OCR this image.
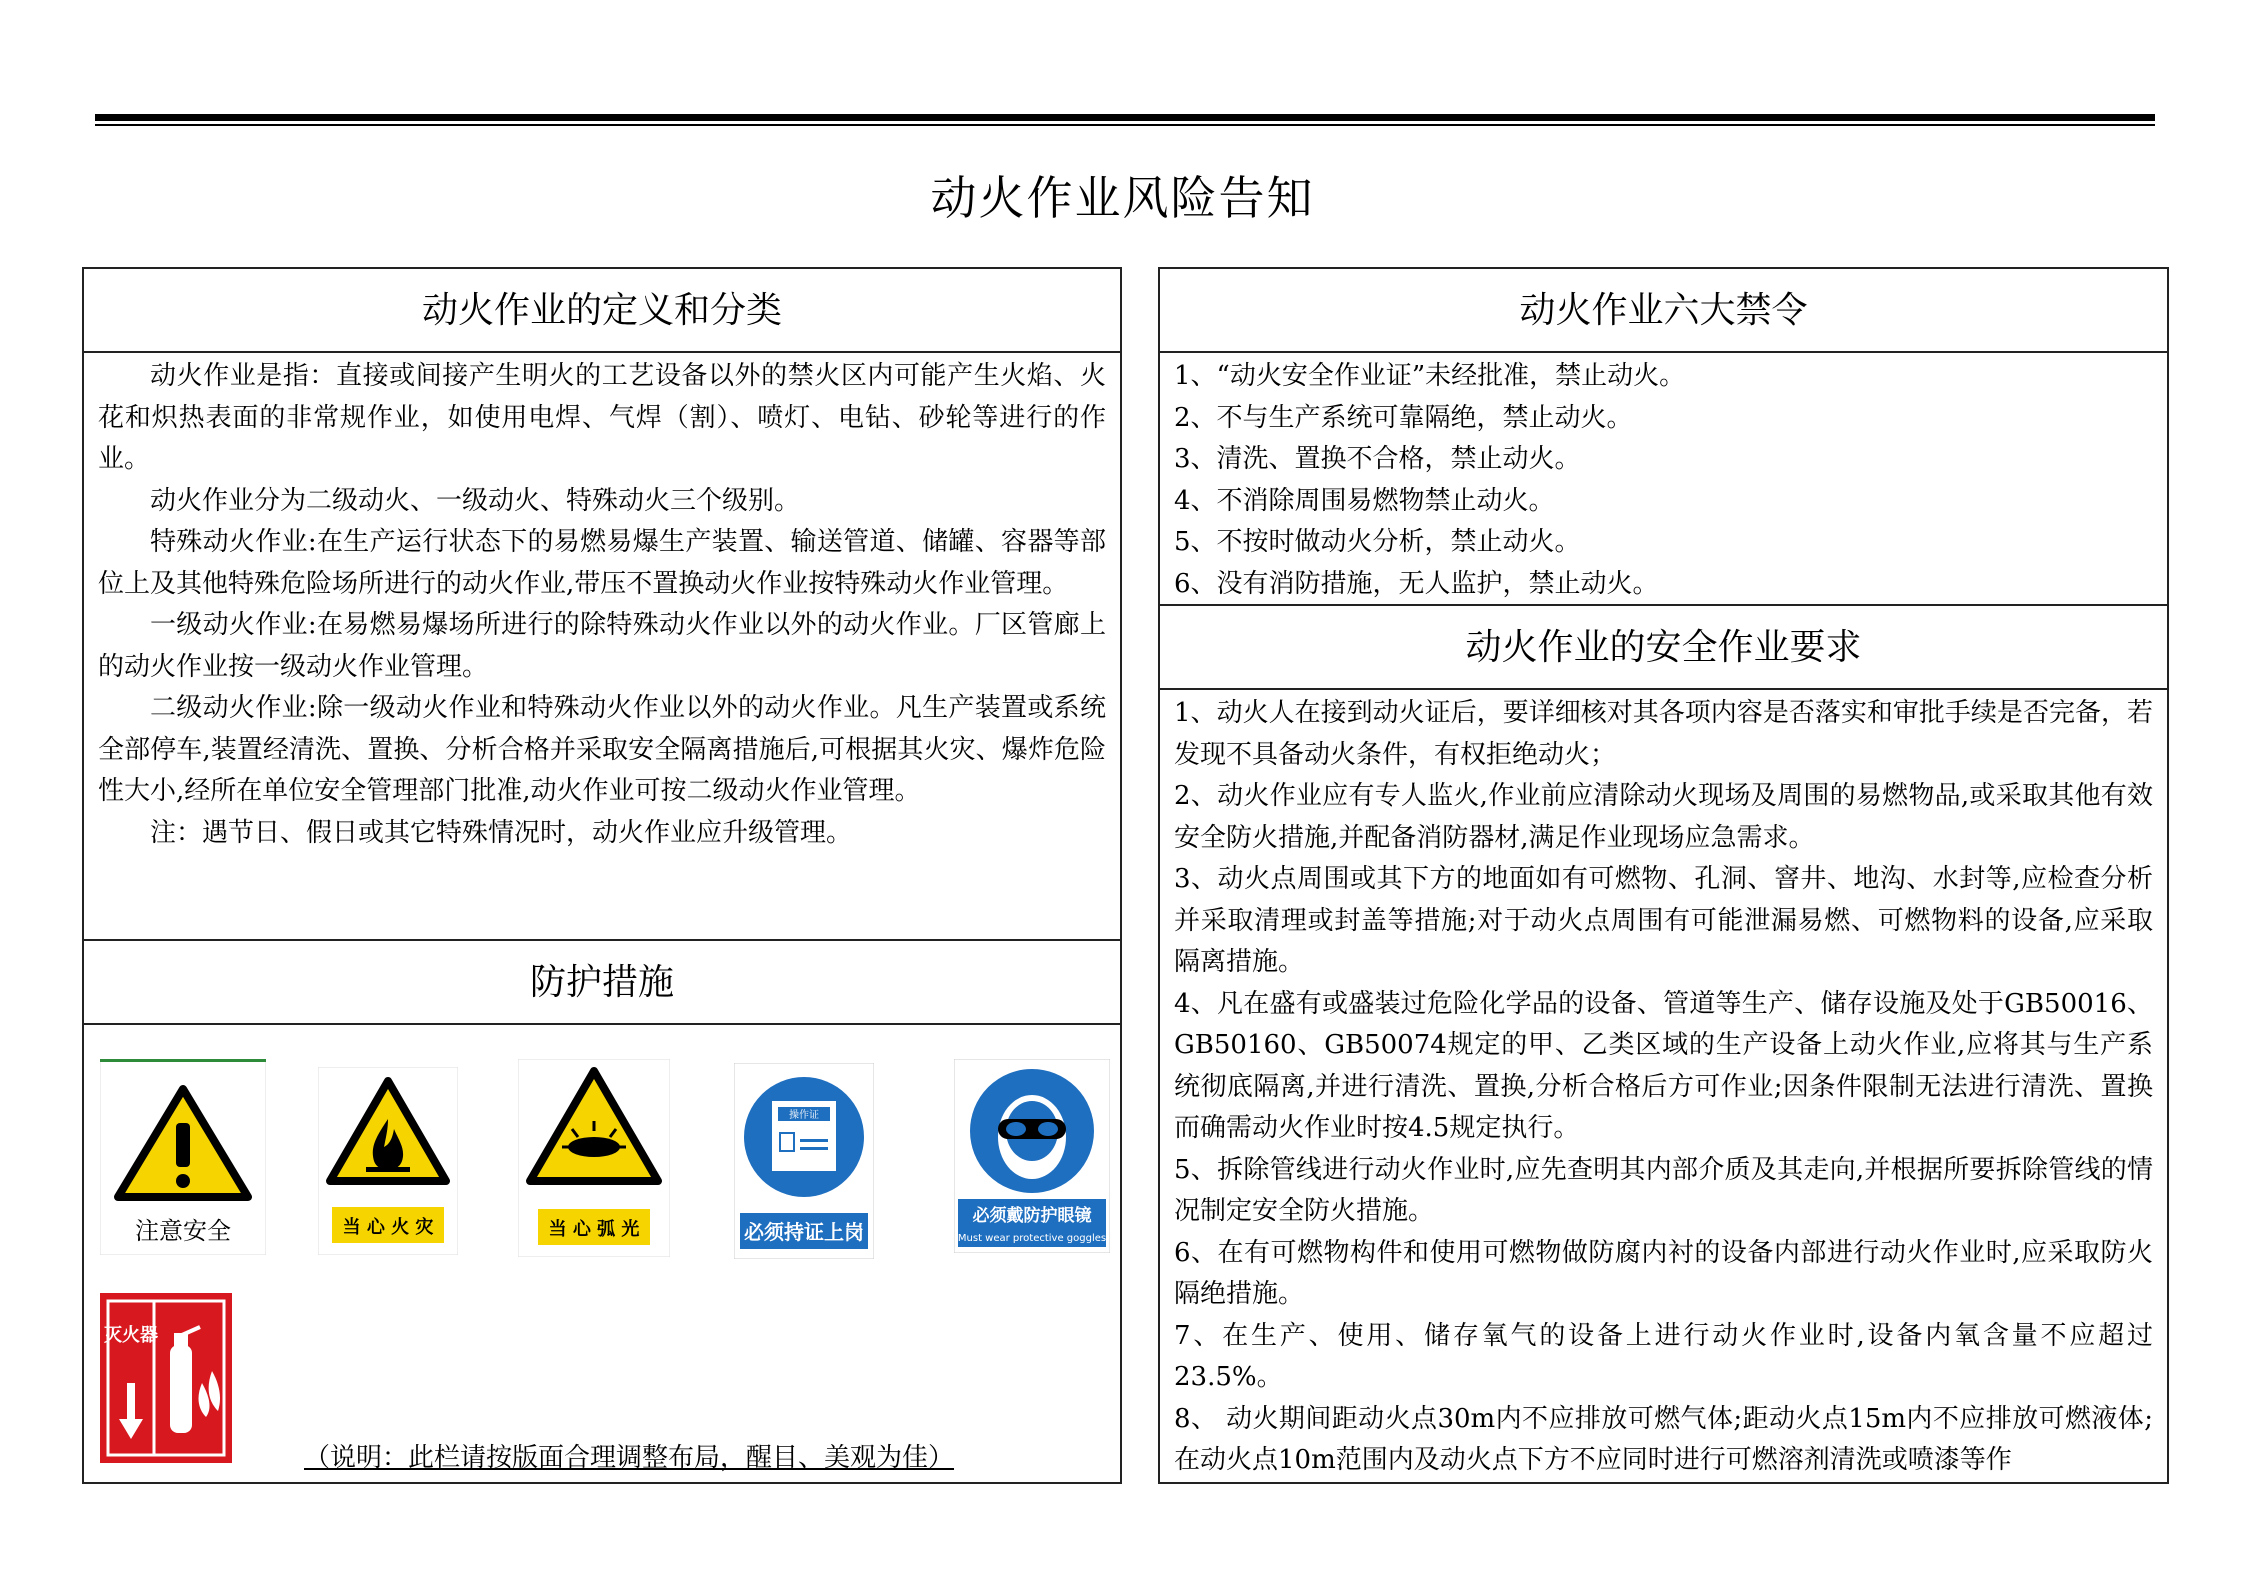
动火作业风险告知
动火作业的定义和分类

动火作业是指：直接或间接产生明火的工艺设备以外的禁火区内可能产生火焰、火花和炽热表面的非常规作业，如使用电焊、气焊（割）、喷灯、电钻、砂轮等进行的作业。

动火作业分为二级动火、一级动火、特殊动火三个级别。

特殊动火作业:在生产运行状态下的易燃易爆生产装置、输送管道、储罐、容器等部位上及其他特殊危险场所进行的动火作业,带压不置换动火作业按特殊动火作业管理。

一级动火作业:在易燃易爆场所进行的除特殊动火作业以外的动火作业。厂区管廊上的动火作业按一级动火作业管理。

二级动火作业:除一级动火作业和特殊动火作业以外的动火作业。凡生产装置或系统全部停车,装置经清洗、置换、分析合格并采取安全隔离措施后,可根据其火灾、爆炸危险性大小,经所在单位安全管理部门批准,动火作业可按二级动火作业管理。

注：遇节日、假日或其它特殊情况时，动火作业应升级管理。

防护措施
注意安全	当 心 火 灾	当 心 弧 光
操作证
必须持证上岗
必须戴防护眼镜
Must wear protective goggles
灭火器
（说明：此栏请按版面合理调整布局，醒目、美观为佳）
动火作业六大禁令

1、“动火安全作业证”未经批准，禁止动火。

2、不与生产系统可靠隔绝，禁止动火。

3、清洗、置换不合格，禁止动火。

4、不消除周围易燃物禁止动火。

5、不按时做动火分析，禁止动火。

6、没有消防措施，无人监护，禁止动火。

动火作业的安全作业要求

1、动火人在接到动火证后，要详细核对其各项内容是否落实和审批手续是否完备，若发现不具备动火条件，有权拒绝动火；

2、动火作业应有专人监火,作业前应清除动火现场及周围的易燃物品,或采取其他有效安全防火措施,并配备消防器材,满足作业现场应急需求。

3、动火点周围或其下方的地面如有可燃物、孔洞、窨井、地沟、水封等,应检查分析并采取清理或封盖等措施;对于动火点周围有可能泄漏易燃、可燃物料的设备,应采取隔离措施。

4、凡在盛有或盛装过危险化学品的设备、管道等生产、储存设施及处于GB50016、GB50160、GB50074规定的甲、乙类区域的生产设备上动火作业,应将其与生产系统彻底隔离,并进行清洗、置换,分析合格后方可作业;因条件限制无法进行清洗、置换而确需动火作业时按4.5规定执行。

5、拆除管线进行动火作业时,应先查明其内部介质及其走向,并根据所要拆除管线的情况制定安全防火措施。

6、在有可燃物构件和使用可燃物做防腐内衬的设备内部进行动火作业时,应采取防火隔绝措施。

7、在生产、使用、储存氧气的设备上进行动火作业时,设备内氧含量不应超过23.5%。

8、 动火期间距动火点30m内不应排放可燃气体;距动火点15m内不应排放可燃液体;在动火点10m范围内及动火点下方不应同时进行可燃溶剂清洗或喷漆等作
